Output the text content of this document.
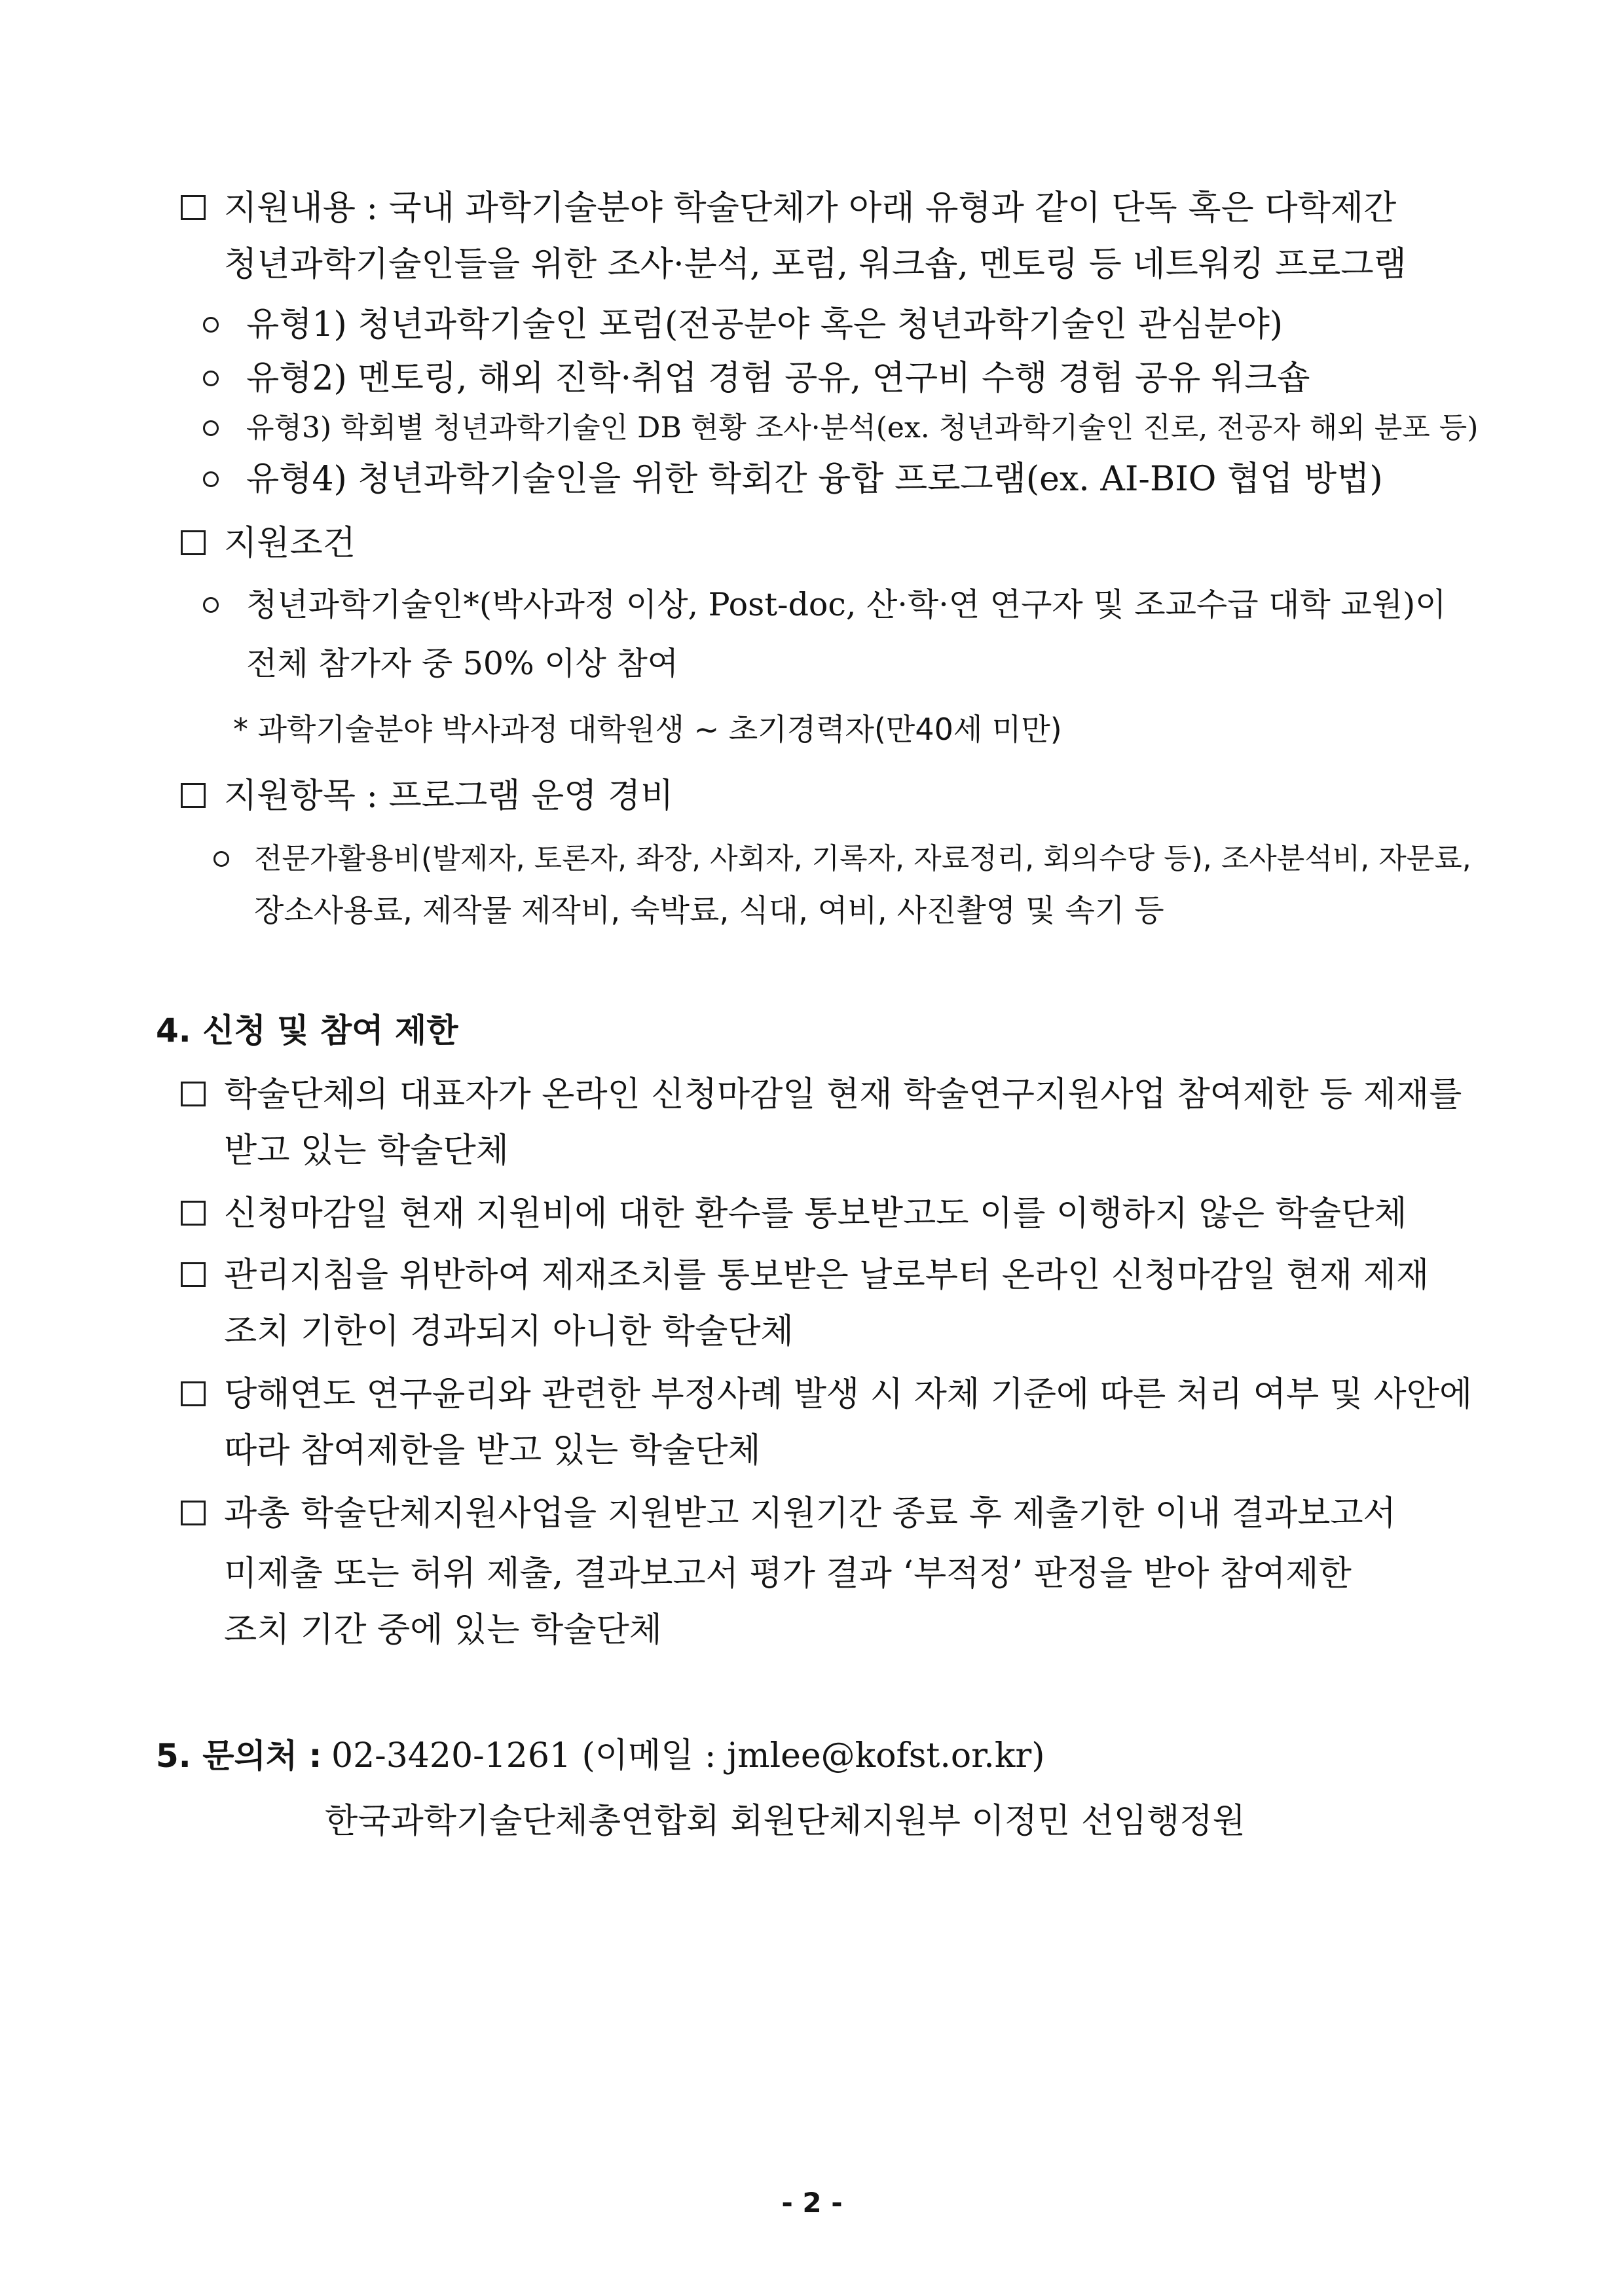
지원내용 : 국내 과학기술분야 학술단체가 아래 유형과 같이 단독 혹은 다학제간
청년과학기술인들을 위한 조사·분석, 포럼, 워크숍, 멘토링 등 네트워킹 프로그램
유형1) 청년과학기술인 포럼(전공분야 혹은 청년과학기술인 관심분야)
유형2) 멘토링, 해외 진학·취업 경험 공유, 연구비 수행 경험 공유 워크숍
유형3) 학회별 청년과학기술인 DB 현황 조사·분석(ex. 청년과학기술인 진로, 전공자 해외 분포 등)
유형4) 청년과학기술인을 위한 학회간 융합 프로그램(ex. AI-BIO 협업 방법)
지원조건
청년과학기술인*(박사과정 이상, Post-doc, 산·학·연 연구자 및 조교수급 대학 교원)이
전체 참가자 중 50% 이상 참여
* 과학기술분야 박사과정 대학원생 ~ 초기경력자(만40세 미만)
지원항목 : 프로그램 운영 경비
전문가활용비(발제자, 토론자, 좌장, 사회자, 기록자, 자료정리, 회의수당 등), 조사분석비, 자문료,
장소사용료, 제작물 제작비, 숙박료, 식대, 여비, 사진촬영 및 속기 등
4. 신청 및 참여 제한
학술단체의 대표자가 온라인 신청마감일 현재 학술연구지원사업 참여제한 등 제재를
받고 있는 학술단체
신청마감일 현재 지원비에 대한 환수를 통보받고도 이를 이행하지 않은 학술단체
관리지침을 위반하여 제재조치를 통보받은 날로부터 온라인 신청마감일 현재 제재
조치 기한이 경과되지 아니한 학술단체
당해연도 연구윤리와 관련한 부정사례 발생 시 자체 기준에 따른 처리 여부 및 사안에
따라 참여제한을 받고 있는 학술단체
과총 학술단체지원사업을 지원받고 지원기간 종료 후 제출기한 이내 결과보고서
미제출 또는 허위 제출, 결과보고서 평가 결과 ‘부적정’ 판정을 받아 참여제한
조치 기간 중에 있는 학술단체
5. 문의처 : 02-3420-1261 (이메일 : jmlee@kofst.or.kr)
한국과학기술단체총연합회 회원단체지원부 이정민 선임행정원
- 2 -
